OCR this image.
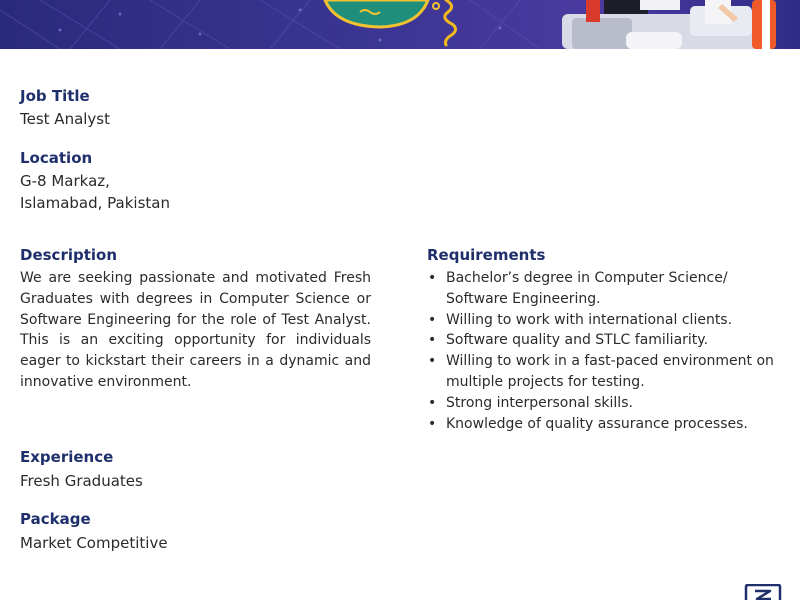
Job Title
Test Analyst
Location
G-8 Markaz,
Islamabad, Pakistan
Description
We are seeking passionate and motivated Fresh Graduates with degrees in Computer Science or Software Engineering for the role of Test Analyst. This is an exciting opportunity for individuals eager to kickstart their careers in a dynamic and innovative environment.
Requirements
• Bachelor’s degree in Computer Science/ Software Engineering.
• Willing to work with international clients.
• Software quality and STLC familiarity.
• Willing to work in a fast-paced environment on multiple projects for testing.
• Strong interpersonal skills.
• Knowledge of quality assurance processes.
Experience
Fresh Graduates
Package
Market Competitive
